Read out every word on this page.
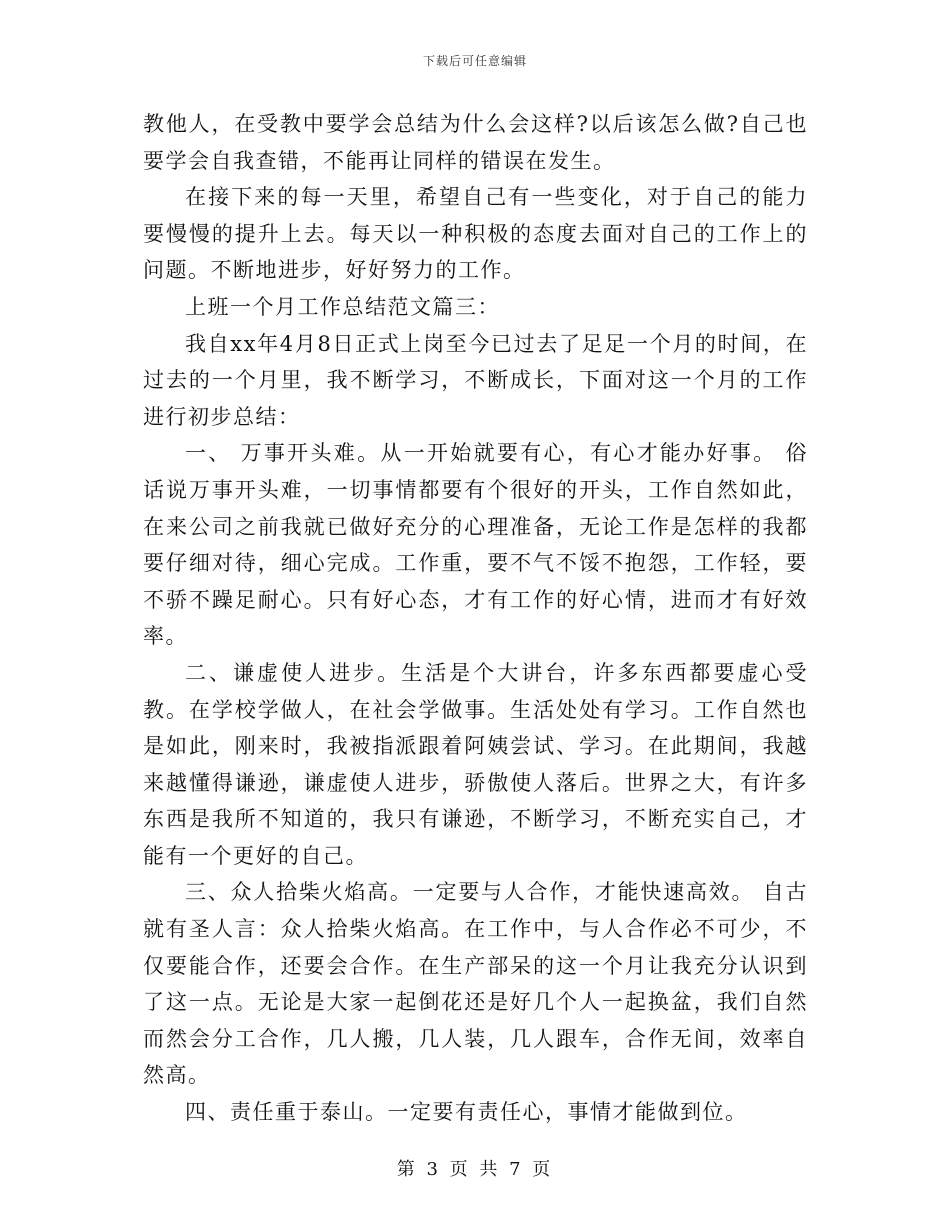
下载后可任意编辑

教他人，在受教中要学会总结为什么会这样?以后该怎么做?自己也要学会自我查错，不能再让同样的错误在发生。

在接下来的每一天里，希望自己有一些变化，对于自己的能力要慢慢的提升上去。每天以一种积极的态度去面对自己的工作上的问题。不断地进步，好好努力的工作。

上班一个月工作总结范文篇三：

我自xx年4月8日正式上岗至今已过去了足足一个月的时间，在过去的一个月里，我不断学习，不断成长，下面对这一个月的工作进行初步总结：

一、 万事开头难。从一开始就要有心，有心才能办好事。 俗话说万事开头难，一切事情都要有个很好的开头，工作自然如此，在来公司之前我就已做好充分的心理准备，无论工作是怎样的我都要仔细对待，细心完成。工作重，要不气不馁不抱怨，工作轻，要不骄不躁足耐心。只有好心态，才有工作的好心情，进而才有好效率。

二、谦虚使人进步。生活是个大讲台，许多东西都要虚心受教。在学校学做人，在社会学做事。生活处处有学习。工作自然也是如此，刚来时，我被指派跟着阿姨尝试、学习。在此期间，我越来越懂得谦逊，谦虚使人进步，骄傲使人落后。世界之大，有许多东西是我所不知道的，我只有谦逊，不断学习，不断充实自己，才能有一个更好的自己。

三、众人拾柴火焰高。一定要与人合作，才能快速高效。 自古就有圣人言：众人拾柴火焰高。在工作中，与人合作必不可少，不仅要能合作，还要会合作。在生产部呆的这一个月让我充分认识到了这一点。无论是大家一起倒花还是好几个人一起换盆，我们自然而然会分工合作，几人搬，几人装，几人跟车，合作无间，效率自然高。

四、责任重于泰山。一定要有责任心，事情才能做到位。

第 3 页 共 7 页
